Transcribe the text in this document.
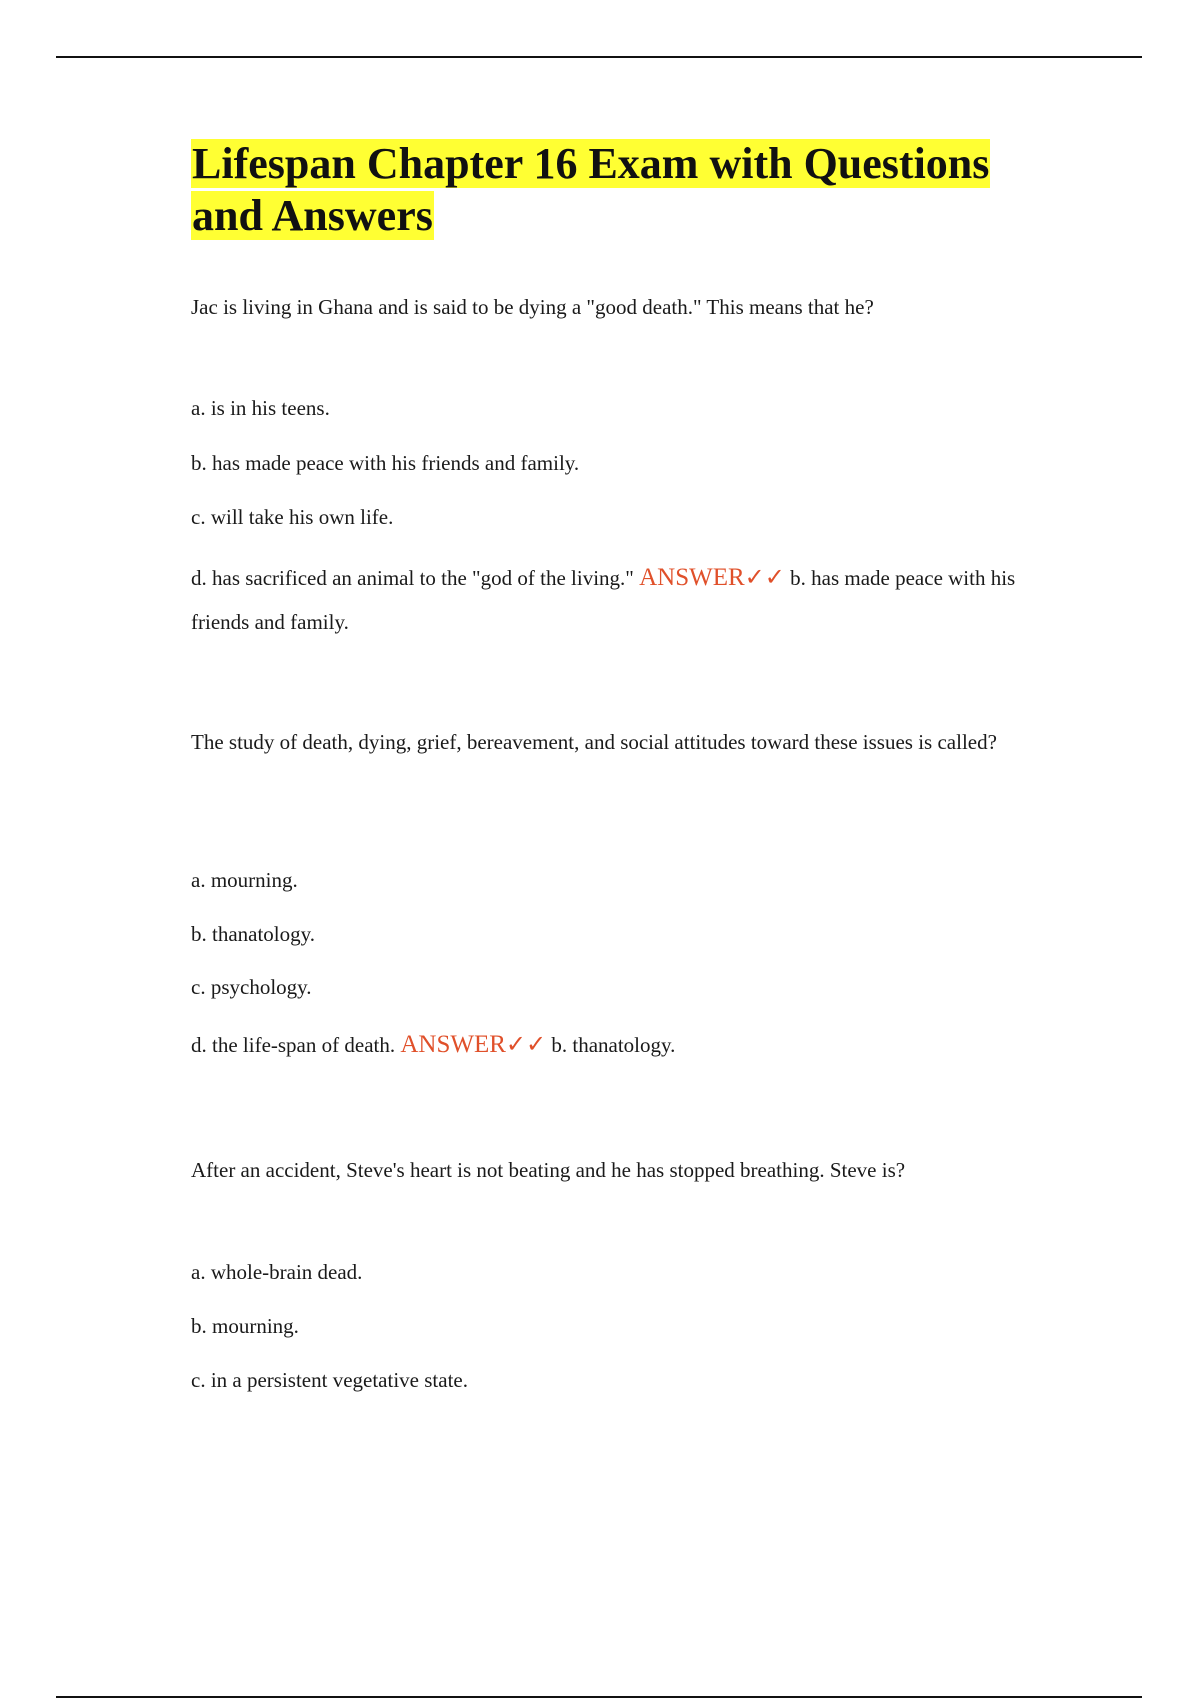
Lifespan Chapter 16 Exam with Questions
and Answers

Jac is living in Ghana and is said to be dying a "good death." This means that he?

a. is in his teens.
b. has made peace with his friends and family.
c. will take his own life.
d. has sacrificed an animal to the "god of the living." ANSWER✓✓ b. has made peace with his friends and family.

The study of death, dying, grief, bereavement, and social attitudes toward these issues is called?

a. mourning.
b. thanatology.
c. psychology.
d. the life-span of death. ANSWER✓✓ b. thanatology.

After an accident, Steve's heart is not beating and he has stopped breathing. Steve is?

a. whole-brain dead.
b. mourning.
c. in a persistent vegetative state.
